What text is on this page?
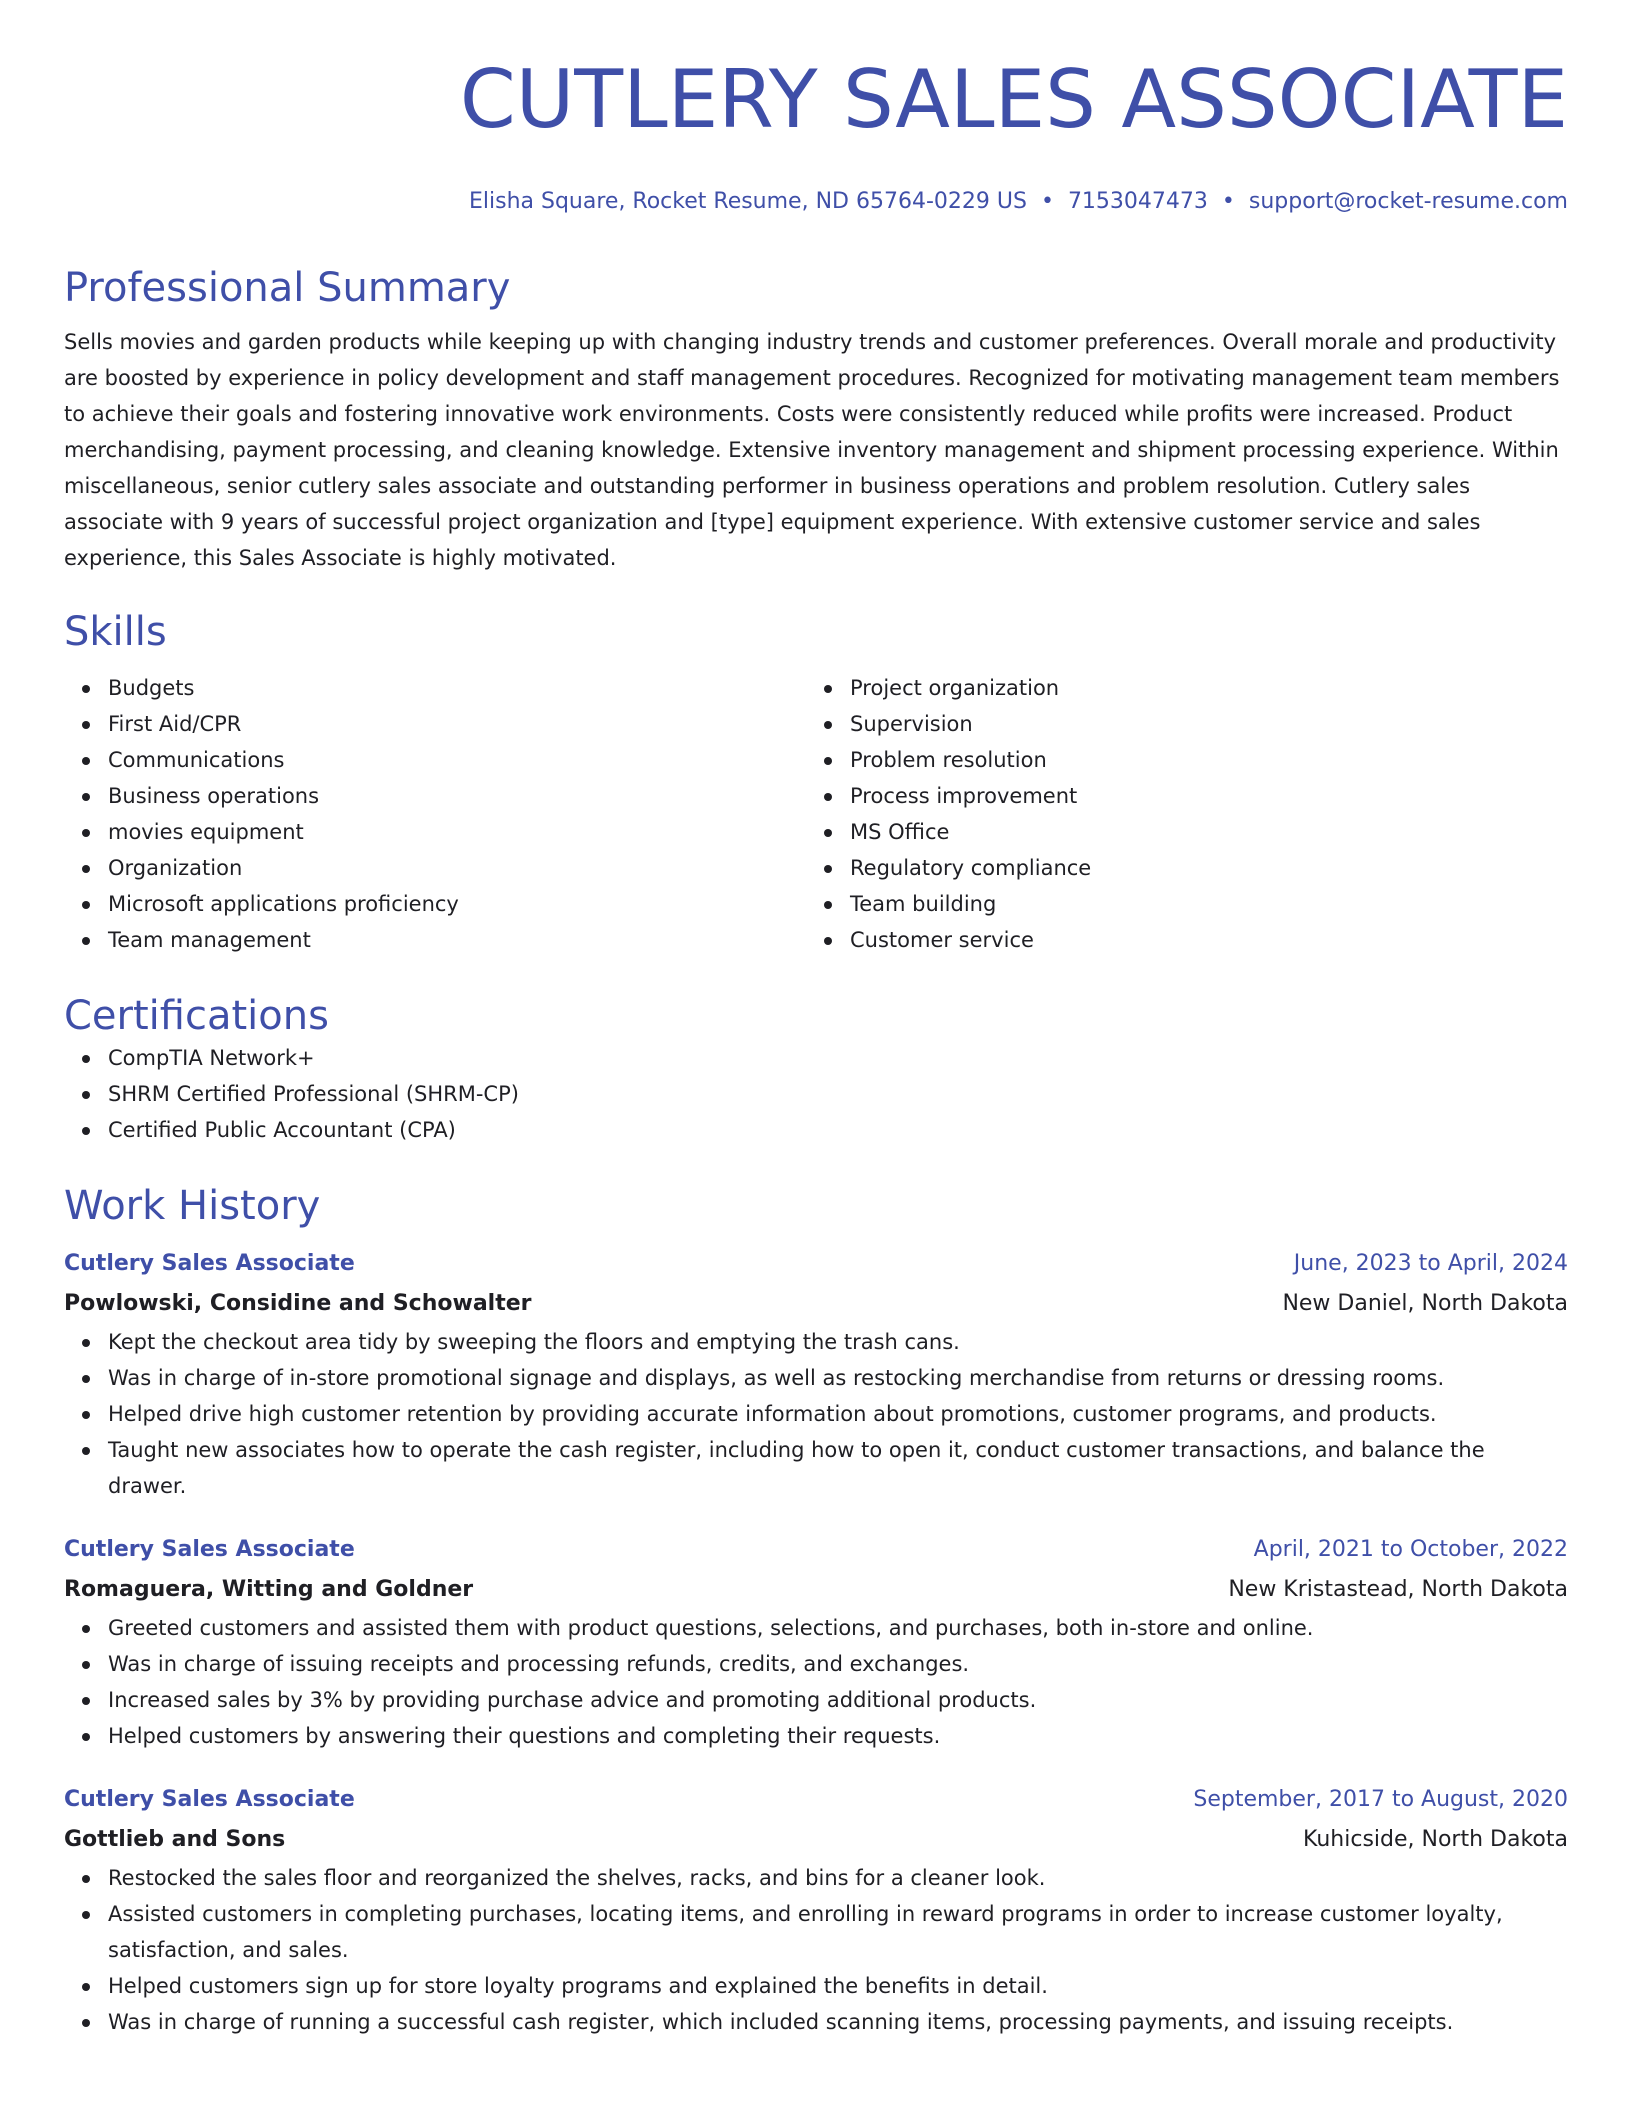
CUTLERY SALES ASSOCIATE
Elisha Square, Rocket Resume, ND 65764-0229 US • 7153047473 • support@rocket-resume.com
Professional Summary

Sells movies and garden products while keeping up with changing industry trends and customer preferences. Overall morale and productivity are boosted by experience in policy development and staff management procedures. Recognized for motivating management team members to achieve their goals and fostering innovative work environments. Costs were consistently reduced while profits were increased. Product merchandising, payment processing, and cleaning knowledge. Extensive inventory management and shipment processing experience. Within miscellaneous, senior cutlery sales associate and outstanding performer in business operations and problem resolution. Cutlery sales associate with 9 years of successful project organization and [type] equipment experience. With extensive customer service and sales experience, this Sales Associate is highly motivated.

Skills
Budgets
First Aid/CPR
Communications
Business operations
movies equipment
Organization
Microsoft applications proficiency
Team management
Project organization
Supervision
Problem resolution
Process improvement
MS Office
Regulatory compliance
Team building
Customer service
Certifications
CompTIA Network+
SHRM Certified Professional (SHRM-CP)
Certified Public Accountant (CPA)
Work History
Cutlery Sales Associate	June, 2023 to April, 2024
Powlowski, Considine and Schowalter	New Daniel, North Dakota
Kept the checkout area tidy by sweeping the floors and emptying the trash cans.
Was in charge of in-store promotional signage and displays, as well as restocking merchandise from returns or dressing rooms.
Helped drive high customer retention by providing accurate information about promotions, customer programs, and products.
Taught new associates how to operate the cash register, including how to open it, conduct customer transactions, and balance the drawer.
Cutlery Sales Associate	April, 2021 to October, 2022
Romaguera, Witting and Goldner	New Kristastead, North Dakota
Greeted customers and assisted them with product questions, selections, and purchases, both in-store and online.
Was in charge of issuing receipts and processing refunds, credits, and exchanges.
Increased sales by 3% by providing purchase advice and promoting additional products.
Helped customers by answering their questions and completing their requests.
Cutlery Sales Associate	September, 2017 to August, 2020
Gottlieb and Sons	Kuhicside, North Dakota
Restocked the sales floor and reorganized the shelves, racks, and bins for a cleaner look.
Assisted customers in completing purchases, locating items, and enrolling in reward programs in order to increase customer loyalty, satisfaction, and sales.
Helped customers sign up for store loyalty programs and explained the benefits in detail.
Was in charge of running a successful cash register, which included scanning items, processing payments, and issuing receipts.
